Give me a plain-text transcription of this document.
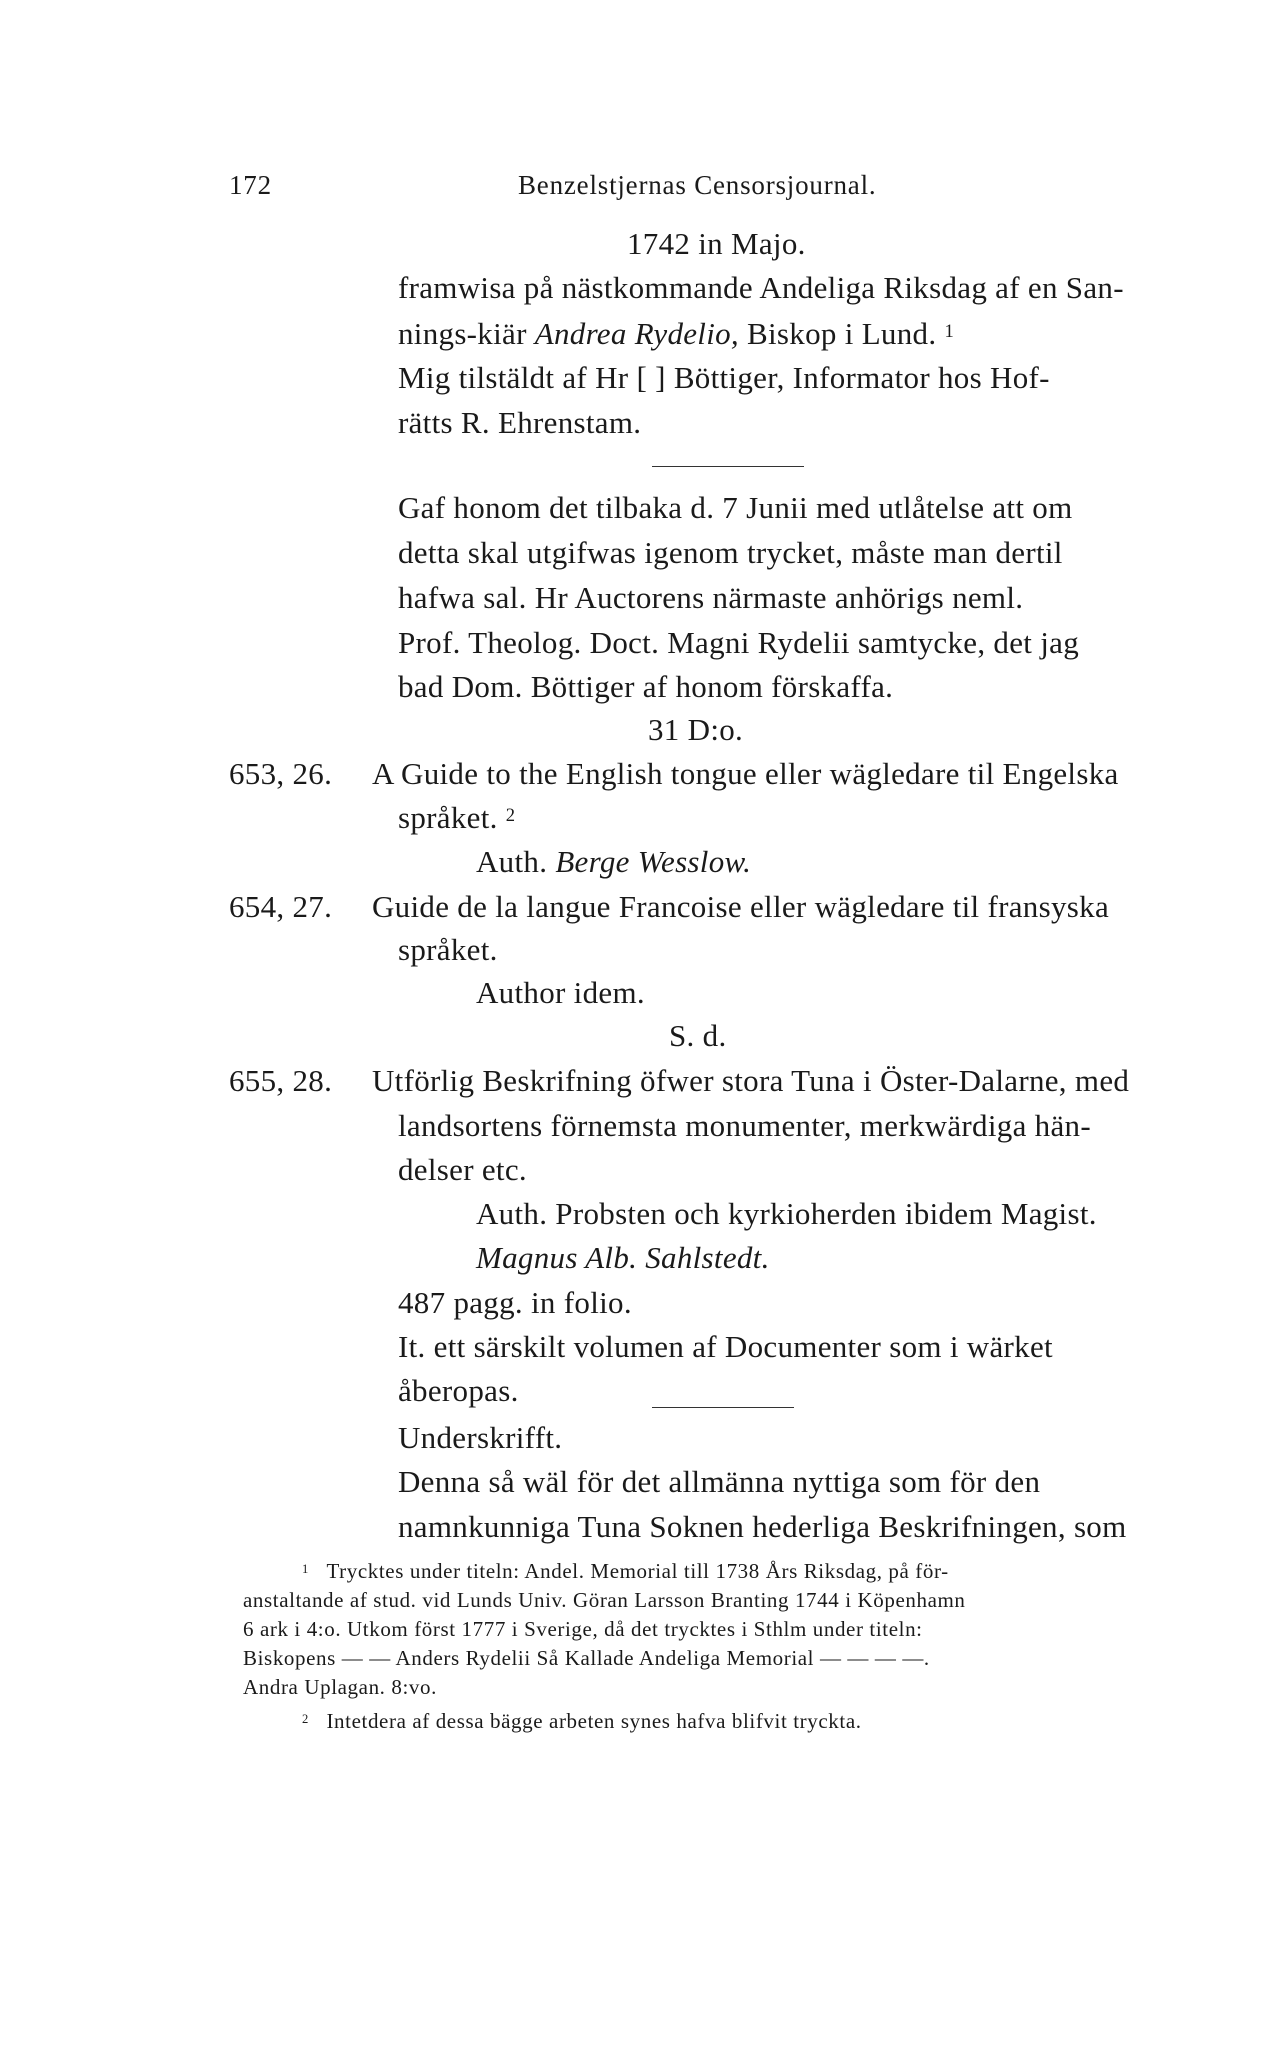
172	Benzelstjernas Censorsjournal.
1742 in Majo.
framwisa på nästkommande Andeliga Riksdag af en San-
nings-kiär Andrea Rydelio, Biskop i Lund. $^1$
Mig tilstäldt af Hr [ ] Böttiger, Informator hos Hof-
rätts R. Ehrenstam.
Gaf honom det tilbaka d. 7 Junii med utlåtelse att om
detta skal utgifwas igenom trycket, måste man dertil
hafwa sal. Hr Auctorens närmaste anhörigs neml.
Prof. Theolog. Doct. Magni Rydelii samtycke, det jag
bad Dom. Böttiger af honom förskaffa.
31 D:o.
653, 26. A Guide to the English tongue eller wägledare til Engelska
språket. $^2$
Auth. Berge Wesslow.
654, 27. Guide de la langue Francoise eller wägledare til fransyska
språket.
Author idem.
S. d.
655, 28. Utförlig Beskrifning öfwer stora Tuna i Öster-Dalarne, med
landsortens förnemsta monumenter, merkwärdiga hän-
delser etc.
Auth. Probsten och kyrkioherden ibidem Magist.
Magnus Alb. Sahlstedt.
487 pagg. in folio.
It. ett särskilt volumen af Documenter som i wärket
åberopas.
Underskrifft.
Denna så wäl för det allmänna nyttiga som för den
namnkunniga Tuna Soknen hederliga Beskrifningen, som
$^1$ Trycktes under titeln: Andel. Memorial till 1738 Års Riksdag, på för-
anstaltande af stud. vid Lunds Univ. Göran Larsson Branting 1744 i Köpenhamn
6 ark i 4:o. Utkom först 1777 i Sverige, då det trycktes i Sthlm under titeln:
Biskopens — — Anders Rydelii Så Kallade Andeliga Memorial — — — —.
Andra Uplagan. 8:vo.
$^2$ Intetdera af dessa bägge arbeten synes hafva blifvit tryckta.
